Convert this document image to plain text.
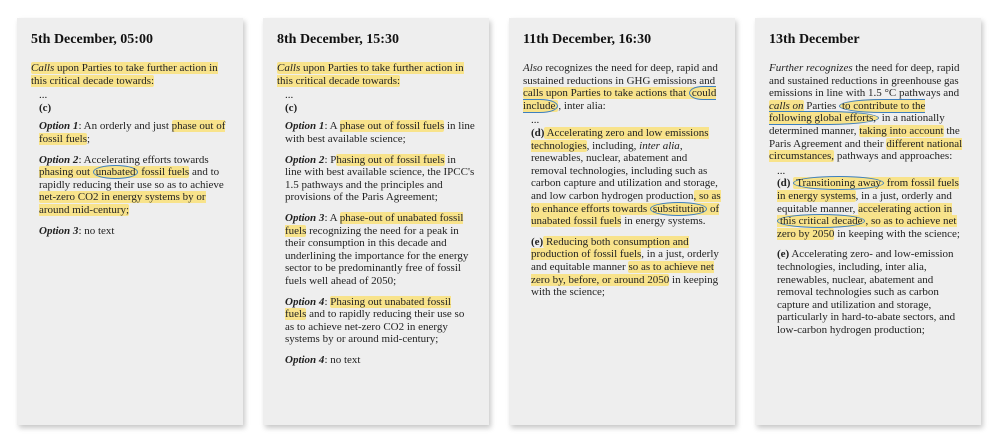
5th December, 05:00

Calls upon Parties to take further action in this critical decade towards:

...

(c)

Option 1: An orderly and just phase out of fossil fuels;

Option 2: Accelerating efforts towards phasing out unabated fossil fuels and to rapidly reducing their use so as to achieve net-zero CO2 in energy systems by or around mid-century;

Option 3: no text

8th December, 15:30

Calls upon Parties to take further action in this critical decade towards:

...

(c)

Option 1: A phase out of fossil fuels in line with best available science;

Option 2: Phasing out of fossil fuels in line with best available science, the IPCC's 1.5 pathways and the principles and provisions of the Paris Agreement;

Option 3: A phase-out of unabated fossil fuels recognizing the need for a peak in their consumption in this decade and underlining the importance for the energy sector to be predominantly free of fossil fuels well ahead of 2050;

Option 4: Phasing out unabated fossil fuels and to rapidly reducing their use so as to achieve net-zero CO2 in energy systems by or around mid-century;

Option 4: no text

11th December, 16:30

Also recognizes the need for deep, rapid and sustained reductions in GHG emissions and calls upon Parties to take actions that could include , inter alia:

...

(d) Accelerating zero and low emissions technologies, including, inter alia, renewables, nuclear, abatement and removal technologies, including such as carbon capture and utilization and storage, and low carbon hydrogen production, so as to enhance efforts towards substitution of unabated fossil fuels in energy systems.

(e) Reducing both consumption and production of fossil fuels, in a just, orderly and equitable manner so as to achieve net zero by, before, or around 2050 in keeping with the science;

13th December

Further recognizes the need for deep, rapid and sustained reductions in greenhouse gas emissions in line with 1.5 °C pathways and calls on Parties to contribute to the following global efforts, in a nationally determined manner, taking into account the Paris Agreement and their different national circumstances, pathways and approaches:

...

(d) Transitioning away from fossil fuels in energy systems, in a just, orderly and equitable manner, accelerating action in this critical decade , so as to achieve net zero by 2050 in keeping with the science;

(e) Accelerating zero- and low-emission technologies, including, inter alia, renewables, nuclear, abatement and removal technologies such as carbon capture and utilization and storage, particularly in hard-to-abate sectors, and low-carbon hydrogen production;
